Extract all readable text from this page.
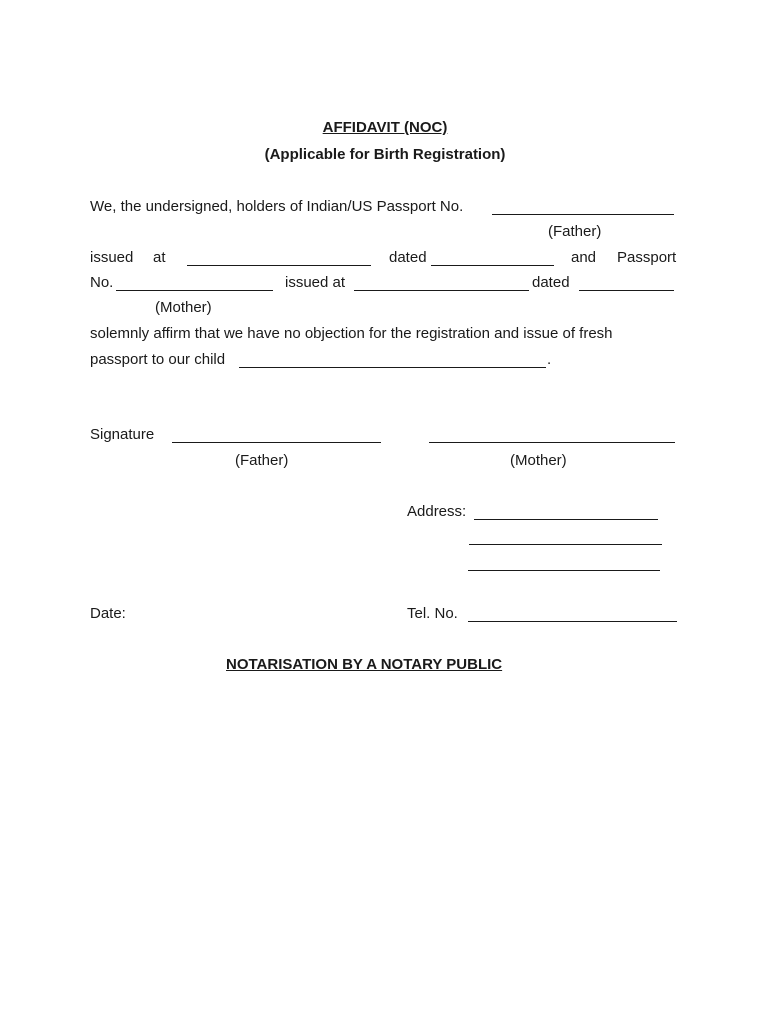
AFFIDAVIT (NOC)
(Applicable for Birth Registration)
We, the undersigned, holders of Indian/US Passport No.
(Father)
issued at	dated	and Passport
No.	issued at	dated
(Mother)
solemnly affirm that we have no objection for the registration and issue of fresh
passport to our child	.
Signature
(Father)	(Mother)
Address:
Date:	Tel. No.
NOTARISATION BY A NOTARY PUBLIC
